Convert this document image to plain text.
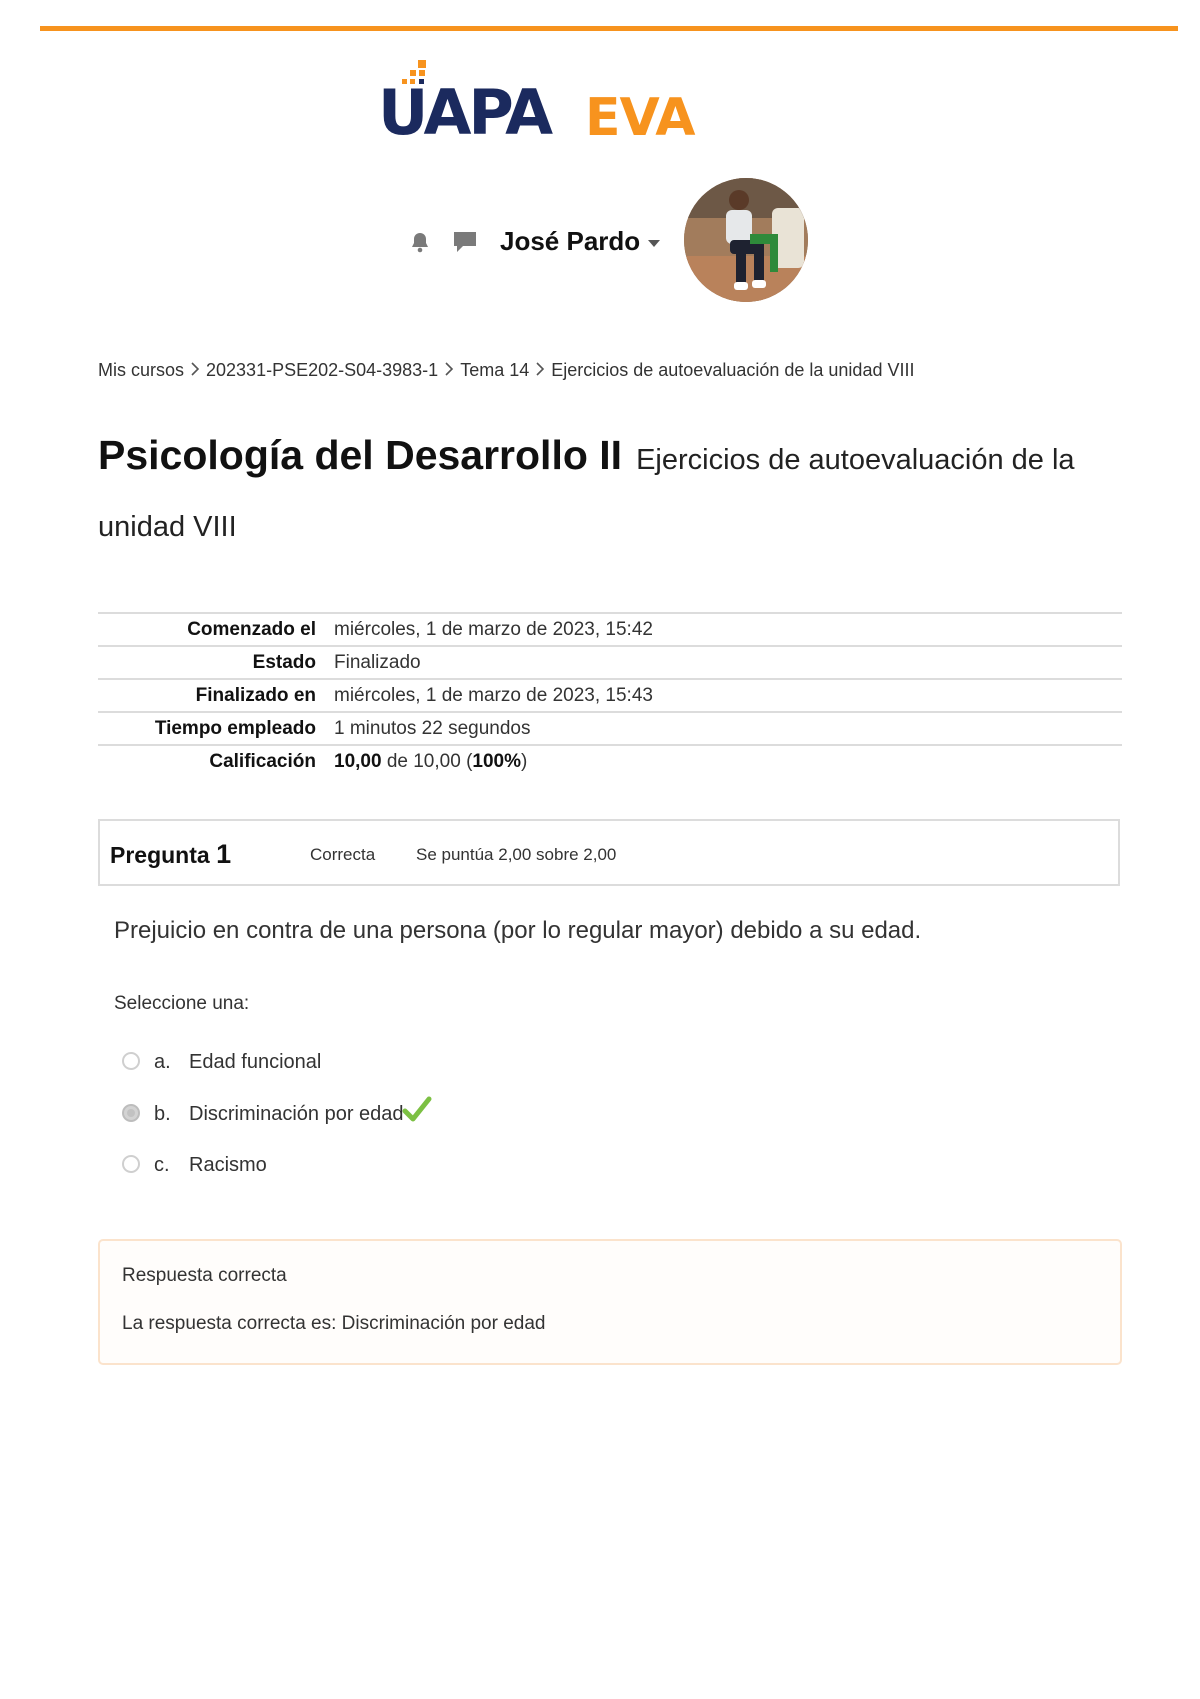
UAPA EVA
José Pardo
Mis cursos 202331-PSE202-S04-3983-1 Tema 14 Ejercicios de autoevaluación de la unidad VIII
Psicología del Desarrollo II Ejercicios de autoevaluación de la unidad VIII
Comenzado el	miércoles, 1 de marzo de 2023, 15:42
Estado	Finalizado
Finalizado en	miércoles, 1 de marzo de 2023, 15:43
Tiempo empleado	1 minutos 22 segundos
Calificación	10,00 de 10,00 (100%)
Pregunta 1	Correcta Se puntúa 2,00 sobre 2,00
Prejuicio en contra de una persona (por lo regular mayor) debido a su edad.
Seleccione una:
a. Edad funcional
b. Discriminación por edad
c. Racismo
Respuesta correcta
La respuesta correcta es: Discriminación por edad
